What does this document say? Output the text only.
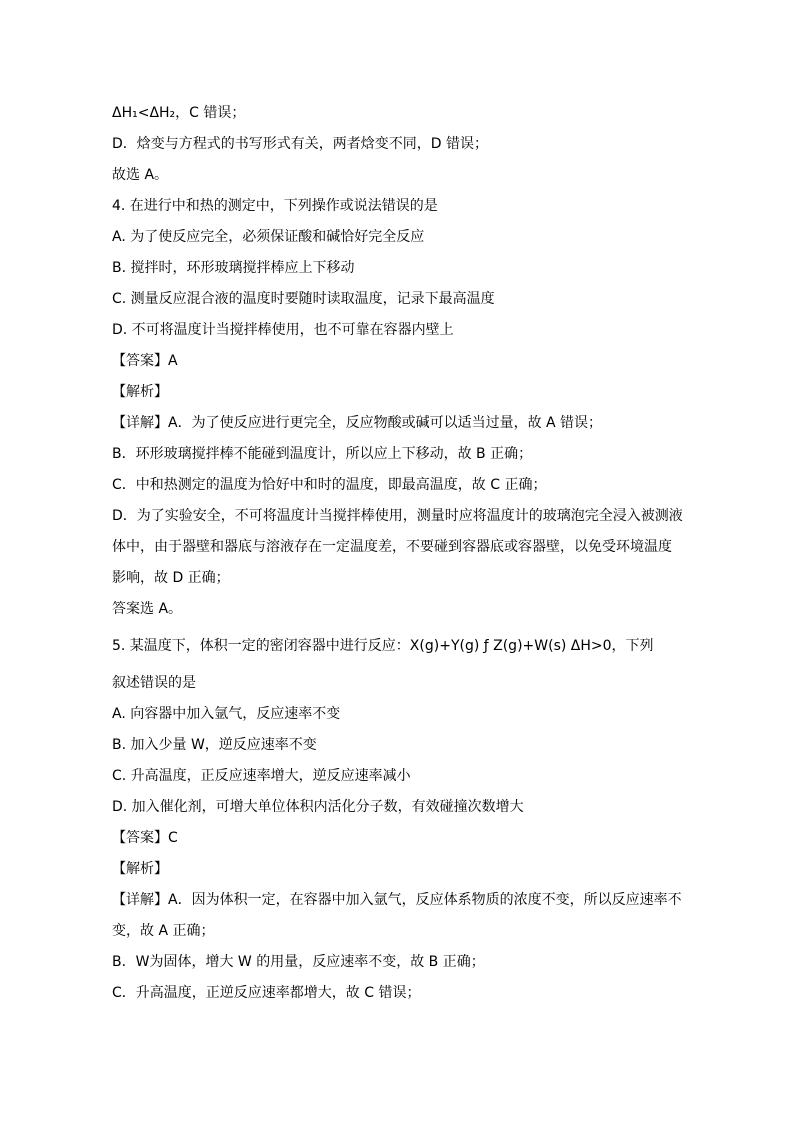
ΔH₁<ΔH₂，C 错误；
D．焓变与方程式的书写形式有关，两者焓变不同，D 错误；
故选 A。
4. 在进行中和热的测定中，下列操作或说法错误的是
A. 为了使反应完全，必须保证酸和碱恰好完全反应
B. 搅拌时，环形玻璃搅拌棒应上下移动
C. 测量反应混合液的温度时要随时读取温度，记录下最高温度
D. 不可将温度计当搅拌棒使用，也不可靠在容器内壁上
【答案】A
【解析】
【详解】A．为了使反应进行更完全，反应物酸或碱可以适当过量，故 A 错误；
B．环形玻璃搅拌棒不能碰到温度计，所以应上下移动，故 B 正确；
C．中和热测定的温度为恰好中和时的温度，即最高温度，故 C 正确；
D．为了实验安全，不可将温度计当搅拌棒使用，测量时应将温度计的玻璃泡完全浸入被测液
体中，由于器壁和器底与溶液存在一定温度差，不要碰到容器底或容器壁，以免受环境温度
影响，故 D 正确；
答案选 A。
5. 某温度下，体积一定的密闭容器中进行反应：X(g)+Y(g) ƒ Z(g)+W(s) ΔH>0，下列
叙述错误的是
A. 向容器中加入氩气，反应速率不变
B. 加入少量 W，逆反应速率不变
C. 升高温度，正反应速率增大，逆反应速率减小
D. 加入催化剂，可增大单位体积内活化分子数，有效碰撞次数增大
【答案】C
【解析】
【详解】A．因为体积一定，在容器中加入氩气，反应体系物质的浓度不变，所以反应速率不
变，故 A 正确；
B．W为固体，增大 W 的用量，反应速率不变，故 B 正确；
C．升高温度，正逆反应速率都增大，故 C 错误；
